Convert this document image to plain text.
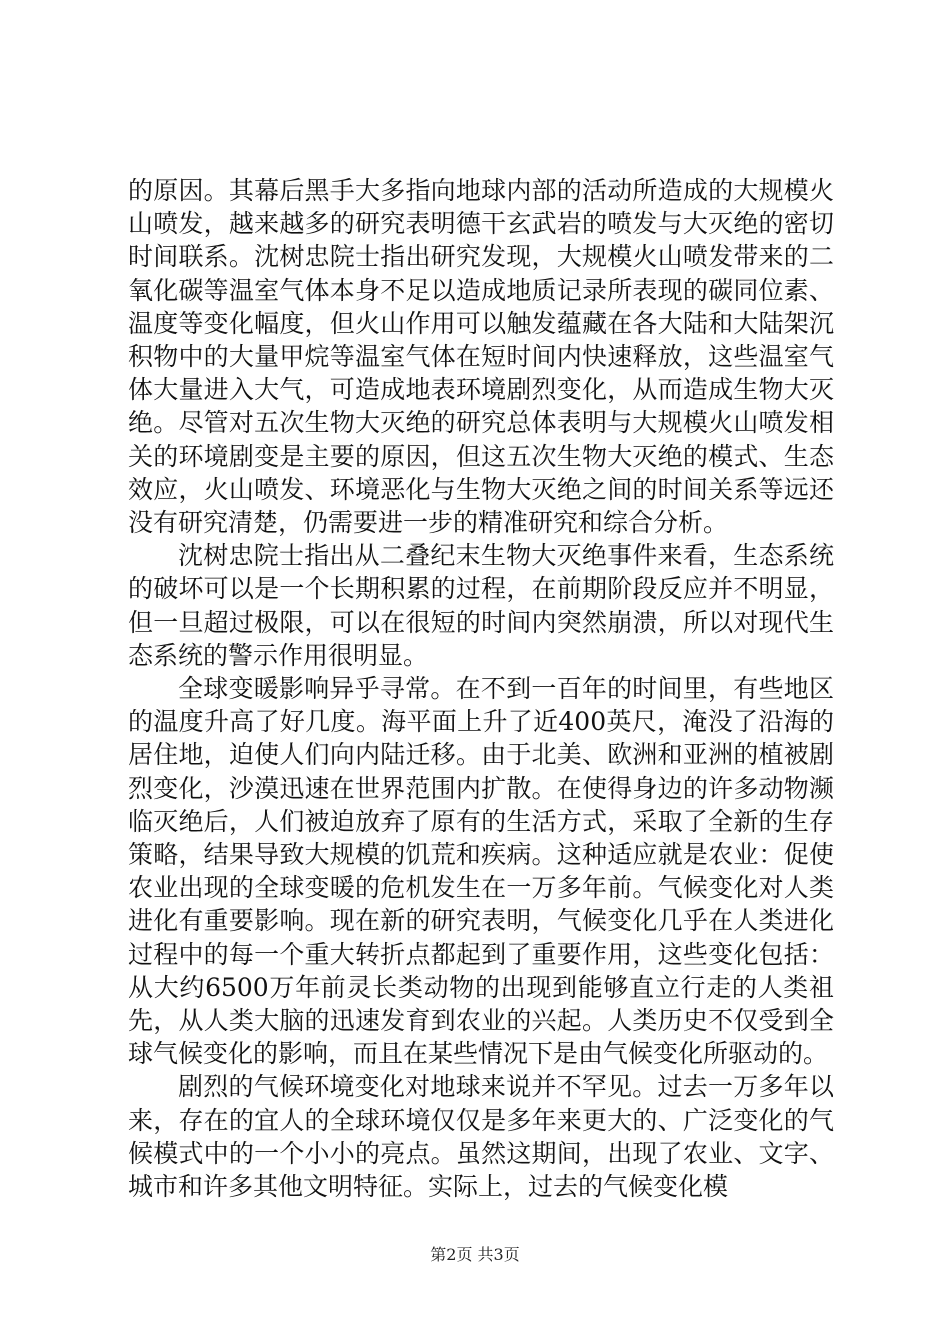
的原因。其幕后黑手大多指向地球内部的活动所造成的大规模火山喷发，越来越多的研究表明德干玄武岩的喷发与大灭绝的密切时间联系。沈树忠院士指出研究发现，大规模火山喷发带来的二氧化碳等温室气体本身不足以造成地质记录所表现的碳同位素、温度等变化幅度，但火山作用可以触发蕴藏在各大陆和大陆架沉积物中的大量甲烷等温室气体在短时间内快速释放，这些温室气体大量进入大气，可造成地表环境剧烈变化，从而造成生物大灭绝。尽管对五次生物大灭绝的研究总体表明与大规模火山喷发相关的环境剧变是主要的原因，但这五次生物大灭绝的模式、生态效应，火山喷发、环境恶化与生物大灭绝之间的时间关系等远还没有研究清楚，仍需要进一步的精准研究和综合分析。

沈树忠院士指出从二叠纪末生物大灭绝事件来看，生态系统的破坏可以是一个长期积累的过程，在前期阶段反应并不明显，但一旦超过极限，可以在很短的时间内突然崩溃，所以对现代生态系统的警示作用很明显。

全球变暖影响异乎寻常。在不到一百年的时间里，有些地区的温度升高了好几度。海平面上升了近400英尺，淹没了沿海的居住地，迫使人们向内陆迁移。由于北美、欧洲和亚洲的植被剧烈变化，沙漠迅速在世界范围内扩散。在使得身边的许多动物濒临灭绝后，人们被迫放弃了原有的生活方式，采取了全新的生存策略，结果导致大规模的饥荒和疾病。这种适应就是农业：促使农业出现的全球变暖的危机发生在一万多年前。气候变化对人类进化有重要影响。现在新的研究表明，气候变化几乎在人类进化过程中的每一个重大转折点都起到了重要作用，这些变化包括：从大约6500万年前灵长类动物的出现到能够直立行走的人类祖先，从人类大脑的迅速发育到农业的兴起。人类历史不仅受到全球气候变化的影响，而且在某些情况下是由气候变化所驱动的。

剧烈的气候环境变化对地球来说并不罕见。过去一万多年以来，存在的宜人的全球环境仅仅是多年来更大的、广泛变化的气候模式中的一个小小的亮点。虽然这期间，出现了农业、文字、城市和许多其他文明特征。实际上，过去的气候变化模

第2页 共3页
